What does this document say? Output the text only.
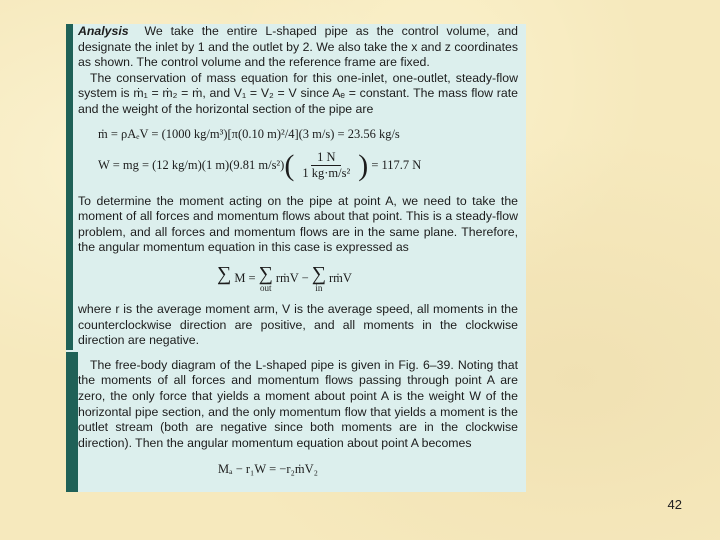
Analysis We take the entire L-shaped pipe as the control volume, and designate the inlet by 1 and the outlet by 2. We also take the x and z coordinates as shown. The control volume and the reference frame are fixed.

The conservation of mass equation for this one-inlet, one-outlet, steady-flow system is ṁ₁ = ṁ₂ = ṁ, and V₁ = V₂ = V since Aₑ = constant. The mass flow rate and the weight of the horizontal section of the pipe are

ṁ = ρAₑV = (1000 kg/m³)[π(0.10 m)²/4](3 m/s) = 23.56 kg/s
W = mg = (12 kg/m)(1 m)(9.81 m/s²) ( $\frac{1 N}{\text{1 kg·m/s²}}$ )
= 117.7 N

To determine the moment acting on the pipe at point A, we need to take the moment of all forces and momentum flows about that point. This is a steady-flow problem, and all forces and momentum flows are in the same plane. Therefore, the angular momentum equation in this case is expressed as

∑
M = ∑
out
rṁV − ∑
in
rṁV

where r is the average moment arm, V is the average speed, all moments in the counterclockwise direction are positive, and all moments in the clockwise direction are negative.

The free-body diagram of the L-shaped pipe is given in Fig. 6–39. Noting that the moments of all forces and momentum flows passing through point A are zero, the only force that yields a moment about point A is the weight W of the horizontal pipe section, and the only momentum flow that yields a moment is the outlet stream (both are negative since both moments are in the clockwise direction). Then the angular momentum equation about point A becomes

Mₐ − r₁W = −r₂ṁV₂
42
